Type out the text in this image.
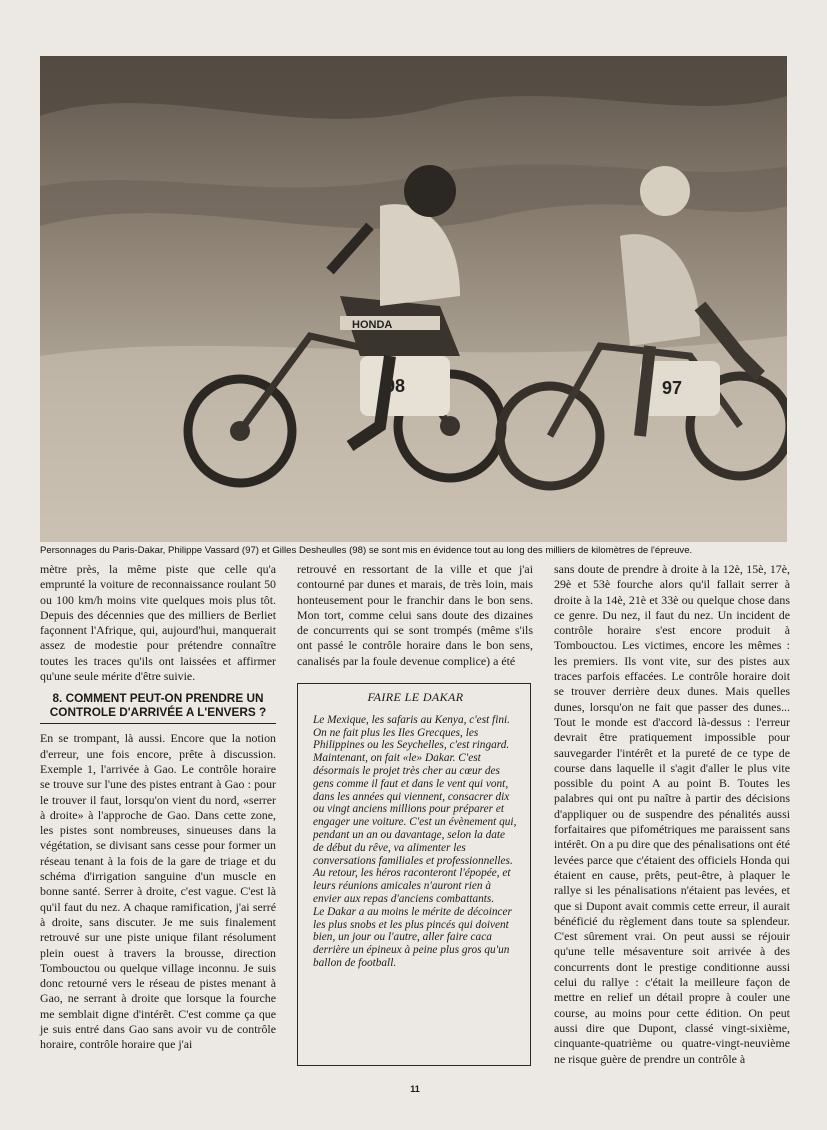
98
HONDA
97
Personnages du Paris-Dakar, Philippe Vassard (97) et Gilles Desheulles (98) se sont mis en évidence tout au long des milliers de kilomètres de l'épreuve.

mètre près, la même piste que celle qu'a emprunté la voiture de reconnaissance roulant 50 ou 100 km/h moins vite quelques mois plus tôt. Depuis des décennies que des milliers de Berliet façonnent l'Afrique, qui, aujourd'hui, manquerait assez de modestie pour prétendre connaître toutes les traces qu'ils ont laissées et affirmer qu'une seule mérite d'être suivie.

8. COMMENT PEUT-ON PRENDRE UN CONTROLE D'ARRIVÉE A L'ENVERS ?

En se trompant, là aussi. Encore que la notion d'erreur, une fois encore, prête à discussion. Exemple 1, l'arrivée à Gao. Le contrôle horaire se trouve sur l'une des pistes entrant à Gao : pour le trouver il faut, lorsqu'on vient du nord, «serrer à droite» à l'approche de Gao. Dans cette zone, les pistes sont nombreuses, sinueuses dans la végétation, se divisant sans cesse pour former un réseau tenant à la fois de la gare de triage et du schéma d'irrigation sanguine d'un muscle en bonne santé. Serrer à droite, c'est vague. C'est là qu'il faut du nez. A chaque ramification, j'ai serré à droite, sans discuter. Je me suis finalement retrouvé sur une piste unique filant résolument plein ouest à travers la brousse, direction Tombouctou ou quelque village inconnu. Je suis donc retourné vers le réseau de pistes menant à Gao, ne serrant à droite que lorsque la fourche me semblait digne d'intérêt. C'est comme ça que je suis entré dans Gao sans avoir vu de contrôle horaire, contrôle horaire que j'ai

retrouvé en ressortant de la ville et que j'ai contourné par dunes et marais, de très loin, mais honteusement pour le franchir dans le bon sens. Mon tort, comme celui sans doute des dizaines de concurrents qui se sont trompés (même s'ils ont passé le contrôle horaire dans le bon sens, canalisés par la foule devenue complice) a été

FAIRE LE DAKAR

Le Mexique, les safaris au Kenya, c'est fini. On ne fait plus les Iles Grecques, les Philippines ou les Seychelles, c'est ringard. Maintenant, on fait «le» Dakar. C'est désormais le projet très cher au cœur des gens comme il faut et dans le vent qui vont, dans les années qui viennent, consacrer dix ou vingt anciens millions pour préparer et engager une voiture. C'est un évènement qui, pendant un an ou davantage, selon la date de début du rêve, va alimenter les conversations familiales et professionnelles. Au retour, les héros raconteront l'épopée, et leurs réunions amicales n'auront rien à envier aux repas d'anciens combattants.

Le Dakar a au moins le mérite de décoincer les plus snobs et les plus pincés qui doivent bien, un jour ou l'autre, aller faire caca derrière un épineux à peine plus gros qu'un ballon de football.

sans doute de prendre à droite à la 12è, 15è, 17è, 29è et 53è fourche alors qu'il fallait serrer à droite à la 14è, 21è et 33è ou quelque chose dans ce genre. Du nez, il faut du nez. Un incident de contrôle horaire s'est encore produit à Tombouctou. Les victimes, encore les mêmes : les premiers. Ils vont vite, sur des pistes aux traces parfois effacées. Le contrôle horaire doit se trouver derrière deux dunes. Mais quelles dunes, lorsqu'on ne fait que passer des dunes... Tout le monde est d'accord là-dessus : l'erreur devrait être pratiquement impossible pour sauvegarder l'intérêt et la pureté de ce type de course dans laquelle il s'agit d'aller le plus vite possible du point A au point B. Toutes les palabres qui ont pu naître à partir des décisions d'appliquer ou de suspendre des pénalités aussi forfaitaires que pifométriques me paraissent sans intérêt. On a pu dire que des pénalisations ont été levées parce que c'étaient des officiels Honda qui étaient en cause, prêts, peut-être, à plaquer le rallye si les pénalisations n'étaient pas levées, et que si Dupont avait commis cette erreur, il aurait bénéficié du règlement dans toute sa splendeur. C'est sûrement vrai. On peut aussi se réjouir qu'une telle mésaventure soit arrivée à des concurrents dont le prestige conditionne aussi celui du rallye : c'était la meilleure façon de mettre en relief un détail propre à couler une course, au moins pour cette édition. On peut aussi dire que Dupont, classé vingt-sixième, cinquante-quatrième ou quatre-vingt-neuvième ne risque guère de prendre un contrôle à

11
